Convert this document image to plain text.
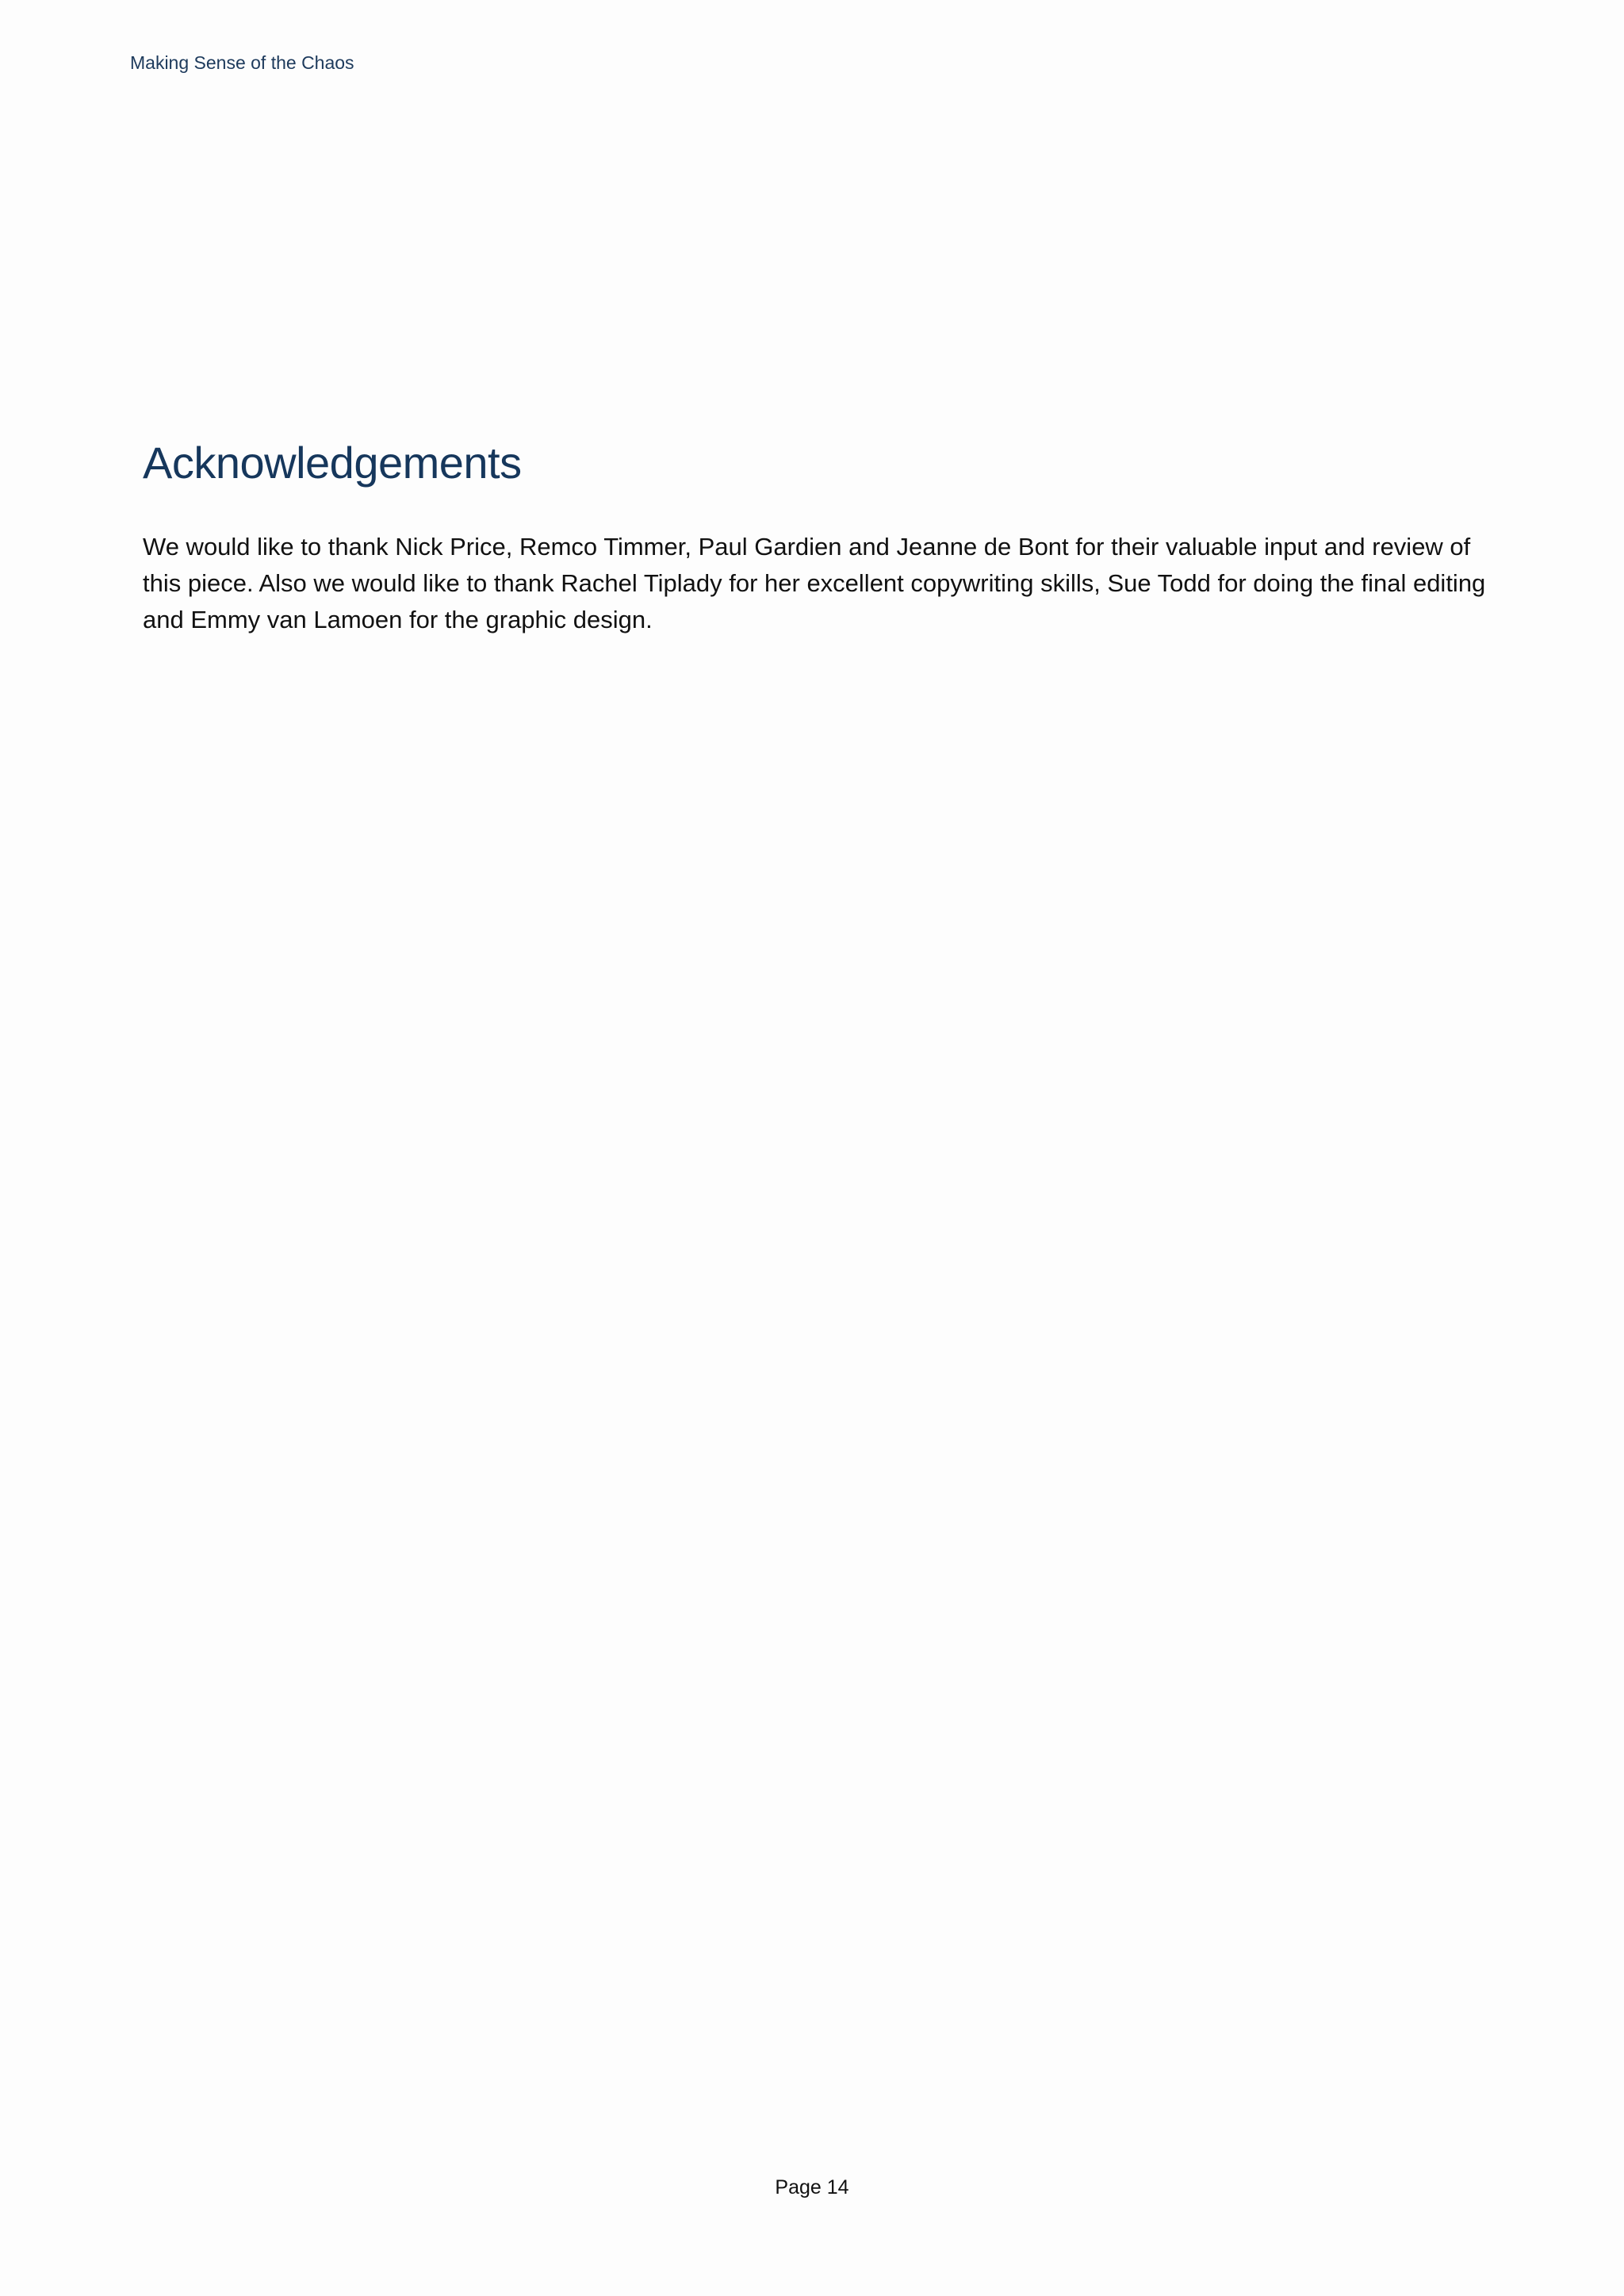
Making Sense of the Chaos
Acknowledgements

We would like to thank Nick Price, Remco Timmer, Paul Gardien and Jeanne de Bont for their valuable input and review of this piece. Also we would like to thank Rachel Tiplady for her excellent copywriting skills, Sue Todd for doing the final editing and Emmy van Lamoen for the graphic design.

Page 14
